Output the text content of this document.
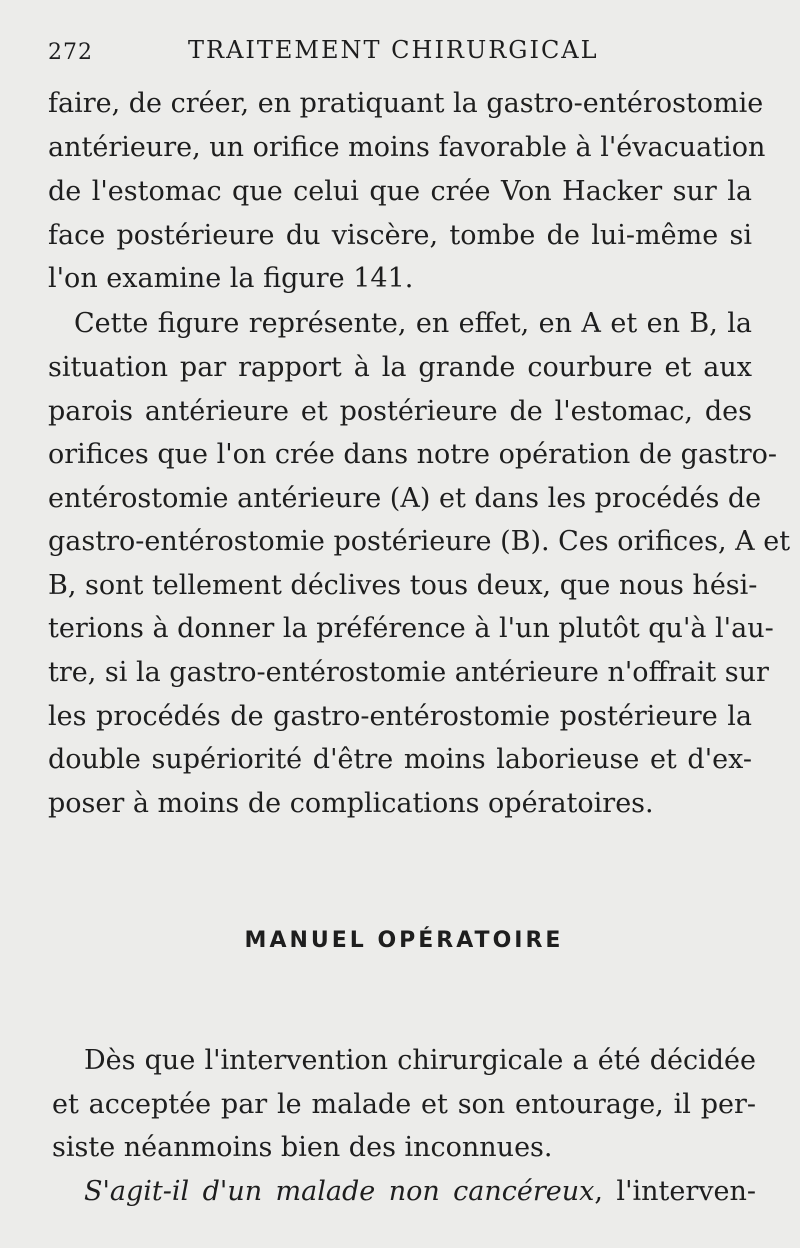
272	TRAITEMENT CHIRURGICAL
faire, de créer, en pratiquant la gastro-entérostomie
antérieure, un orifice moins favorable à l'évacuation
de l'estomac que celui que crée Von Hacker sur la
face postérieure du viscère, tombe de lui-même si
l'on examine la figure 141.
Cette figure représente, en effet, en A et en B, la
situation par rapport à la grande courbure et aux
parois antérieure et postérieure de l'estomac, des
orifices que l'on crée dans notre opération de gastro-
entérostomie antérieure (A) et dans les procédés de
gastro-entérostomie postérieure (B). Ces orifices, A et
B, sont tellement déclives tous deux, que nous hési-
terions à donner la préférence à l'un plutôt qu'à l'au-
tre, si la gastro-entérostomie antérieure n'offrait sur
les procédés de gastro-entérostomie postérieure la
double supériorité d'être moins laborieuse et d'ex-
poser à moins de complications opératoires.
MANUEL OPÉRATOIRE
Dès que l'intervention chirurgicale a été décidée
et acceptée par le malade et son entourage, il per-
siste néanmoins bien des inconnues.
S'agit-il d'un malade non cancéreux, l'interven-
